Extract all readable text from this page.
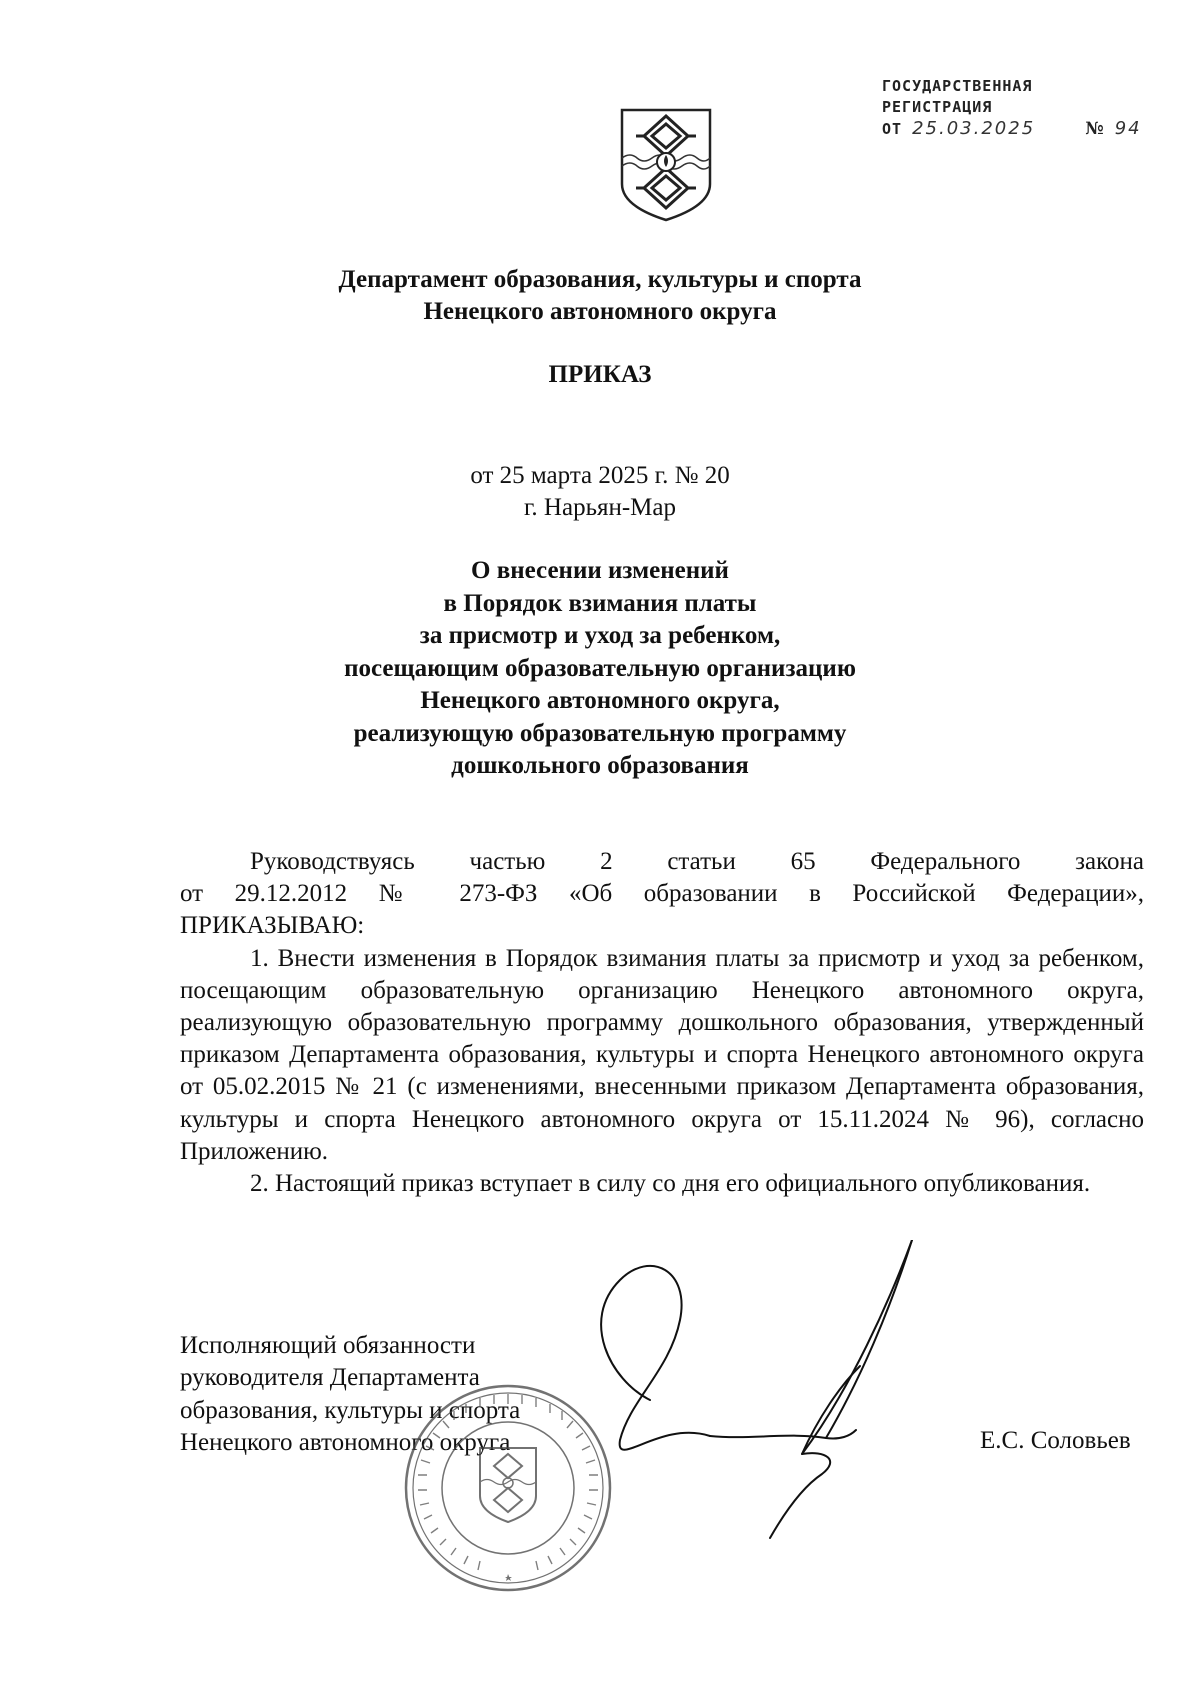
ГОСУДАРСТВЕННАЯ
РЕГИСТРАЦИЯ
ОТ 25.03.2025	№ 94
Департамент образования, культуры и спорта
Ненецкого автономного округа
ПРИКАЗ
от 25 марта 2025 г. № 20
г. Нарьян-Мар
О внесении изменений
в Порядок взимания платы
за присмотр и уход за ребенком,
посещающим образовательную организацию
Ненецкого автономного округа,
реализующую образовательную программу
дошкольного образования

Руководствуясь частью 2 статьи 65 Федерального закона

от 29.12.2012 № 273-ФЗ «Об образовании в Российской Федерации»,

ПРИКАЗЫВАЮ:

1. Внести изменения в Порядок взимания платы за присмотр и уход за ребенком, посещающим образовательную организацию Ненецкого автономного округа, реализующую образовательную программу дошкольного образования, утвержденный приказом Департамента образования, культуры и спорта Ненецкого автономного округа от 05.02.2015 № 21 (с изменениями, внесенными приказом Департамента образования, культуры и спорта Ненецкого автономного округа от 15.11.2024 № 96), согласно Приложению.

2. Настоящий приказ вступает в силу со дня его официального опубликования.

Исполняющий обязанности
руководителя Департамента
образования, культуры и спорта
Ненецкого автономного округа	Е.С. Соловьев
